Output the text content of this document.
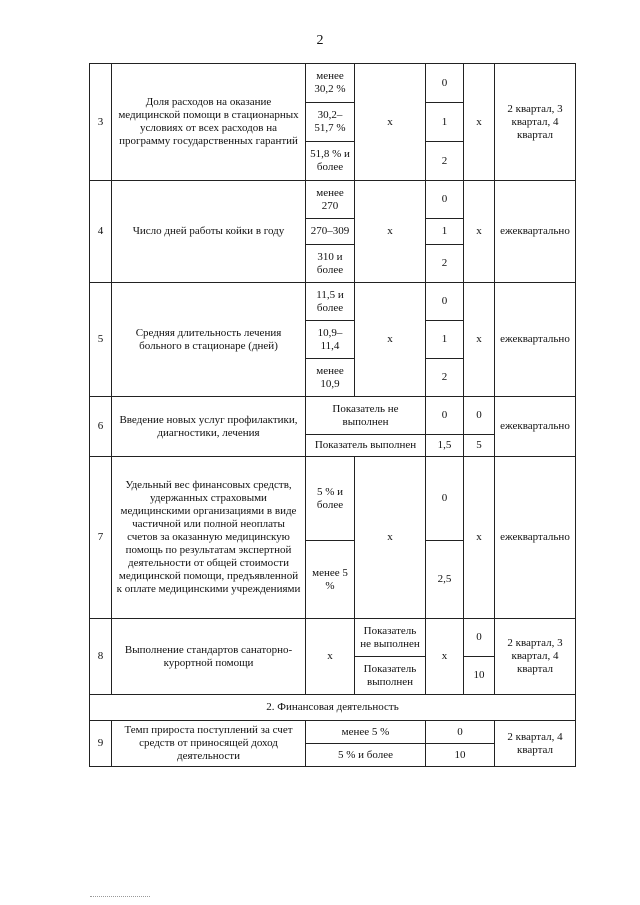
2
3	Доля расходов на оказание медицинской помощи в стационарных условиях от всех расходов на программу государственных гарантий	менее 30,2 %	х	0	х	2 квартал, 3 квартал, 4 квартал
		30,2–51,7 %		1		
		51,8 % и более		2		
4	Число дней работы койки в году	менее 270	х	0	х	ежеквартально
		270–309		1		
		310 и более		2		
5	Средняя длительность лечения больного в стационаре (дней)	11,5 и более	х	0	х	ежеквартально
		10,9–11,4		1		
		менее 10,9		2		
6	Введение новых услуг профилактики, диагностики, лечения	Показатель не выполнен		0	0	ежеквартально
		Показатель выполнен		1,5	5	
7	Удельный вес финансовых средств, удержанных страховыми медицинскими организациями в виде частичной или полной неоплаты счетов за оказанную медицинскую помощь по результатам экспертной деятельности от общей стоимости медицинской помощи, предъявленной к оплате медицинскими учреждениями	5 % и более	х	0	х	ежеквартально
		менее 5 %		2,5		
8	Выполнение стандартов санаторно-курортной помощи	х	Показатель не выполнен	х	0	2 квартал, 3 квартал, 4 квартал
			Показатель выполнен		10	
2. Финансовая деятельность						
9	Темп прироста поступлений за счет средств от приносящей доход деятельности	менее 5 %		0		2 квартал, 4 квартал
		5 % и более		10		
